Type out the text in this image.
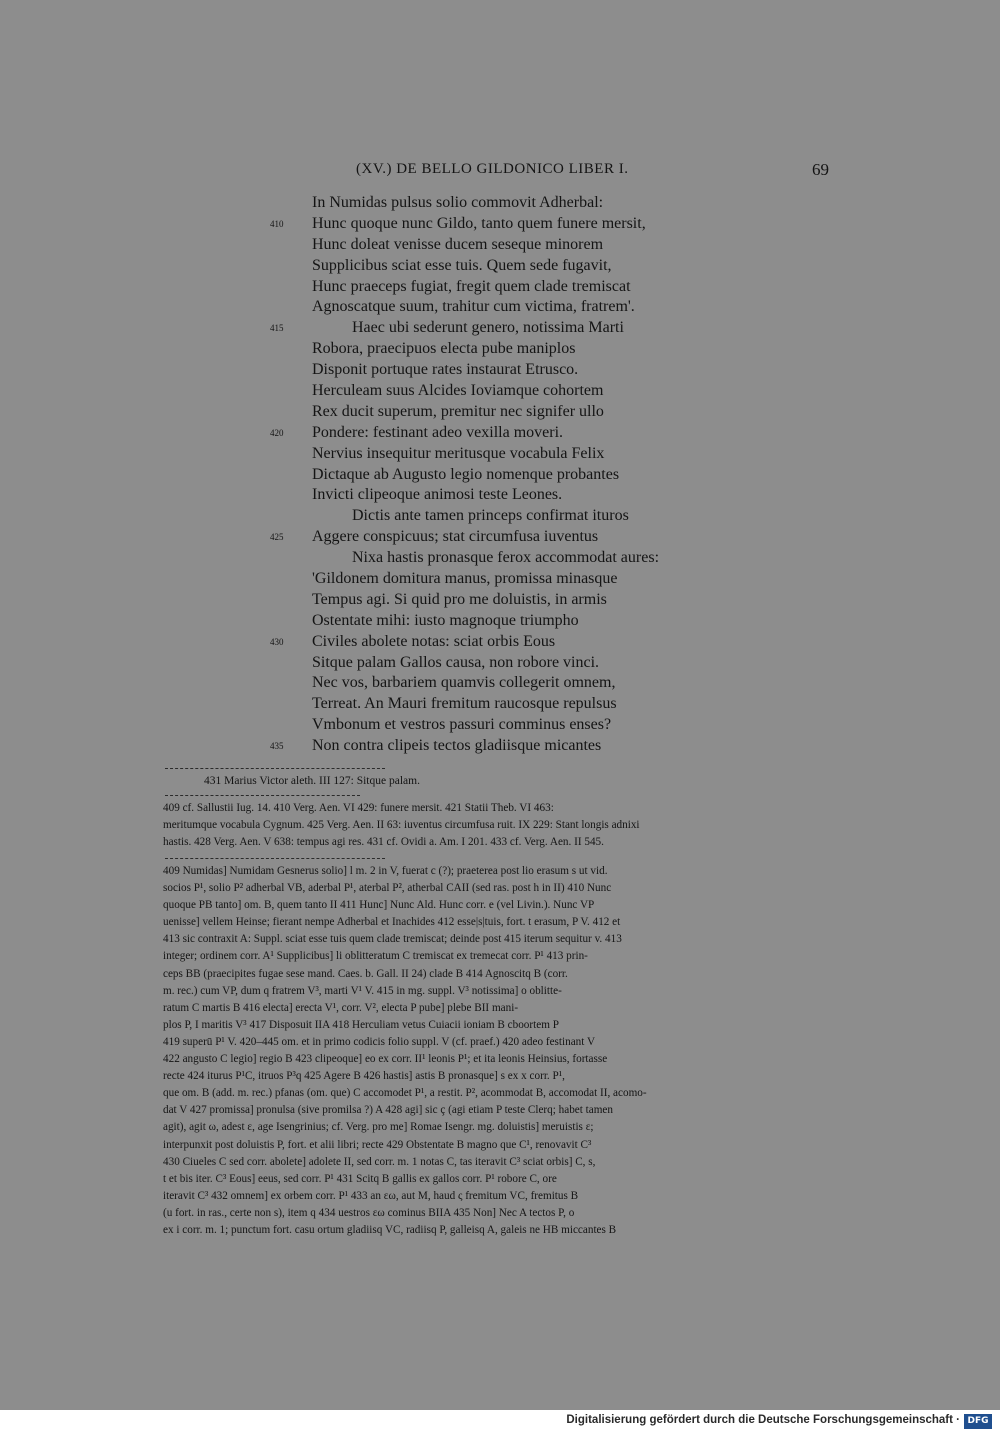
(XV.) DE BELLO GILDONICO LIBER I.	69
In Numidas pulsus solio commovit Adherbal:
410	Hunc quoque nunc Gildo, tanto quem funere mersit,
Hunc doleat venisse ducem seseque minorem
Supplicibus sciat esse tuis. Quem sede fugavit,
Hunc praeceps fugiat, fregit quem clade tremiscat
Agnoscatque suum, trahitur cum victima, fratrem'.
415	Haec ubi sederunt genero, notissima Marti
Robora, praecipuos electa pube maniplos
Disponit portuque rates instaurat Etrusco.
Herculeam suus Alcides Ioviamque cohortem
Rex ducit superum, premitur nec signifer ullo
420	Pondere: festinant adeo vexilla moveri.
Nervius insequitur meritusque vocabula Felix
Dictaque ab Augusto legio nomenque probantes
Invicti clipeoque animosi teste Leones.
Dictis ante tamen princeps confirmat ituros
425	Aggere conspicuus; stat circumfusa iuventus
Nixa hastis pronasque ferox accommodat aures:
'Gildonem domitura manus, promissa minasque
Tempus agi. Si quid pro me doluistis, in armis
Ostentate mihi: iusto magnoque triumpho
430	Civiles abolete notas: sciat orbis Eous
Sitque palam Gallos causa, non robore vinci.
Nec vos, barbariem quamvis collegerit omnem,
Terreat. An Mauri fremitum raucosque repulsus
Vmbonum et vestros passuri comminus enses?
435	Non contra clipeis tectos gladiisque micantes
431 Marius Victor aleth. III 127: Sitque palam.
409 cf. Sallustii Iug. 14. 410 Verg. Aen. VI 429: funere mersit. 421 Statii Theb. VI 463:
meritumque vocabula Cygnum. 425 Verg. Aen. II 63: iuventus circumfusa ruit. IX 229: Stant longis adnixi
hastis. 428 Verg. Aen. V 638: tempus agi res. 431 cf. Ovidi a. Am. I 201. 433 cf. Verg. Aen. II 545.
409 Numidas] Numidam Gesnerus solio] l m. 2 in V, fuerat c (?); praeterea post lio erasum s ut vid.
socios P¹, solio P² adherbal VB, aderbal P¹, aterbal P², atherbal CAII (sed ras. post h in II) 410 Nunc
quoque PB tanto] om. B, quem tanto II 411 Hunc] Nunc Ald. Hunc corr. e (vel Livin.). Nunc VP
uenisse] vellem Heinse; fierant nempe Adherbal et Inachides 412 esse|s|tuis, fort. t erasum, P V. 412 et
413 sic contraxit A: Suppl. sciat esse tuis quem clade tremiscat; deinde post 415 iterum sequitur v. 413
integer; ordinem corr. A¹ Supplicibus] li oblitteratum C tremiscat ex tremecat corr. P¹ 413 prin-
ceps BB (praecipites fugae sese mand. Caes. b. Gall. II 24) clade B 414 Agnoscitq B (corr.
m. rec.) cum VP, dum q fratrem V³, marti V¹ V. 415 in mg. suppl. V³ notissima] o oblitte-
ratum C martis B 416 electa] erecta V¹, corr. V², electa P pube] plebe BII mani-
plos P, I maritis V³ 417 Disposuit IIA 418 Herculiam vetus Cuiacii ioniam B cboortem P
419 superū P¹ V. 420–445 om. et in primo codicis folio suppl. V (cf. praef.) 420 adeo festinant V
422 angusto C legio] regio B 423 clipeoque] eo ex corr. II¹ leonis P¹; et ita leonis Heinsius, fortasse
recte 424 iturus P¹C, itruos P³q 425 Agere B 426 hastis] astis B pronasque] s ex x corr. P¹,
que om. B (add. m. rec.) pfanas (om. que) C accomodet P¹, a restit. P², acommodat B, accomodat II, acomo-
dat V 427 promissa] pronulsa (sive promilsa ?) A 428 agi] sic ç (agi etiam P teste Clerq; habet tamen
agit), agit ω, adest ε, age Isengrinius; cf. Verg. pro me] Romae Isengr. mg. doluistis] meruistis ε;
interpunxit post doluistis P, fort. et alii libri; recte 429 Obstentate B magno que C¹, renovavit C³
430 Ciueles C sed corr. abolete] adolete II, sed corr. m. 1 notas C, tas iteravit C³ sciat orbis] C, s,
t et bis iter. C³ Eous] eeus, sed corr. P¹ 431 Scitq B gallis ex gallos corr. P¹ robore C, ore
iteravit C³ 432 omnem] ex orbem corr. P¹ 433 an εω, aut M, haud ς fremitum VC, fremitus B
(u fort. in ras., certe non s), item q 434 uestros εω cominus BIIA 435 Non] Nec A tectos P, o
ex i corr. m. 1; punctum fort. casu ortum gladiisq VC, radiisq P, galleisq A, galeis ne HB miccantes B
Digitalisierung gefördert durch die Deutsche Forschungsgemeinschaft · DFG
